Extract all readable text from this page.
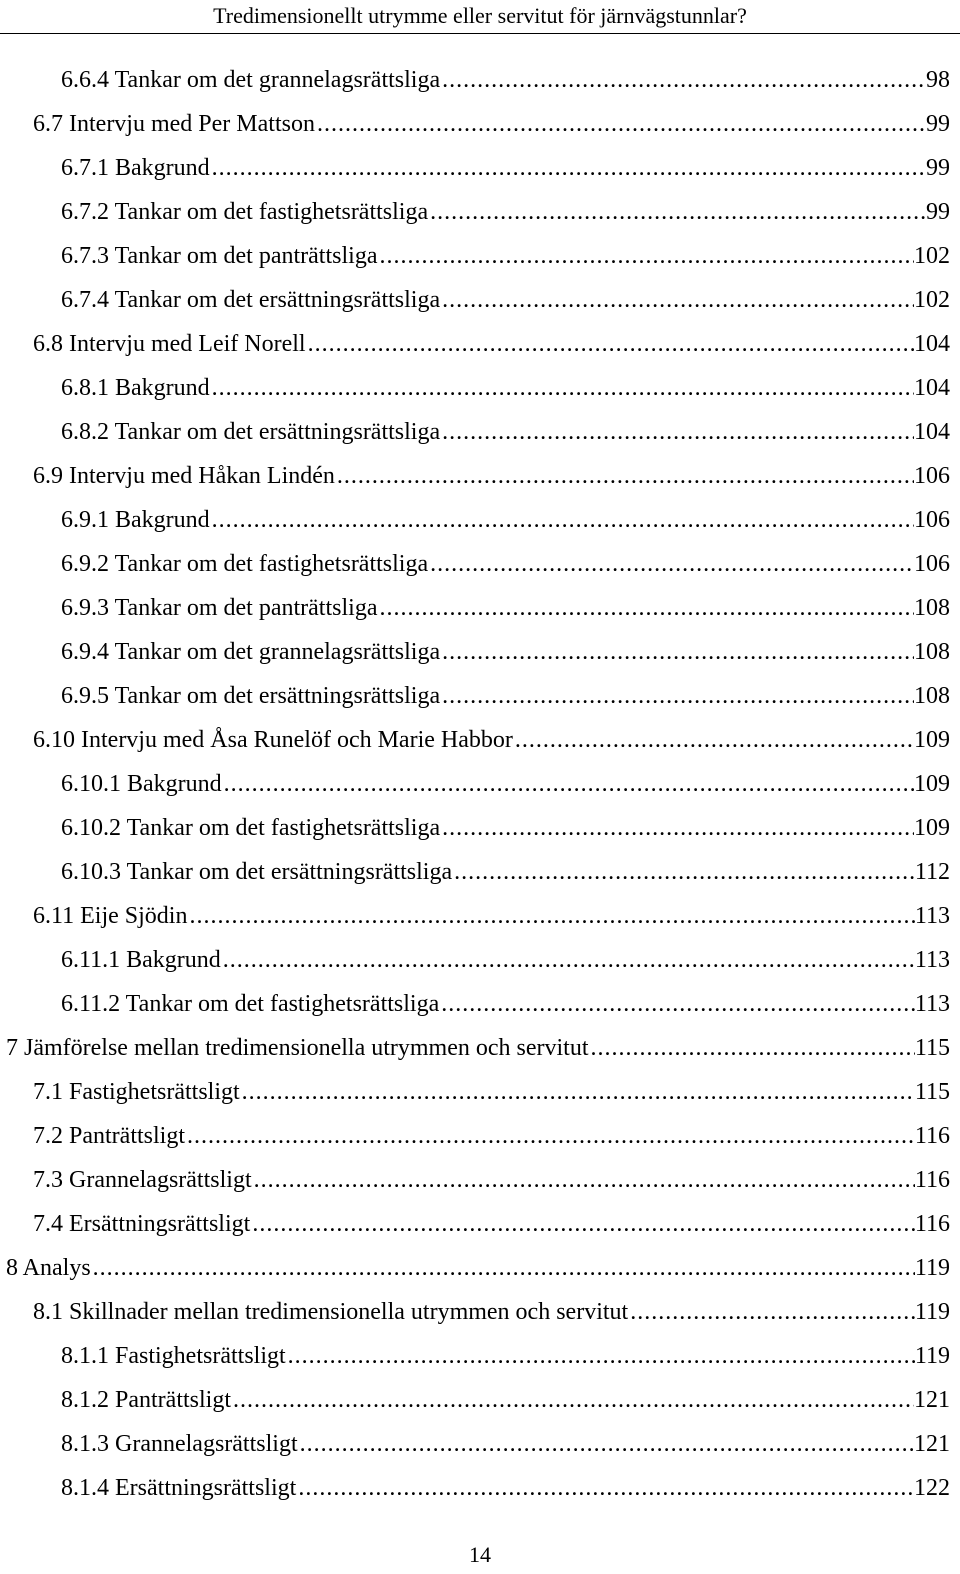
Tredimensionellt utrymme eller servitut för järnvägstunnlar?
6.6.4 Tankar om det grannelagsrättsliga .....	98
6.7 Intervju med Per Mattson .....	99
6.7.1 Bakgrund .....	99
6.7.2 Tankar om det fastighetsrättsliga .....	99
6.7.3 Tankar om det panträttsliga .....	102
6.7.4 Tankar om det ersättningsrättsliga .....	102
6.8 Intervju med Leif Norell .....	104
6.8.1 Bakgrund .....	104
6.8.2 Tankar om det ersättningsrättsliga .....	104
6.9 Intervju med Håkan Lindén .....	106
6.9.1 Bakgrund .....	106
6.9.2 Tankar om det fastighetsrättsliga .....	106
6.9.3 Tankar om det panträttsliga .....	108
6.9.4 Tankar om det grannelagsrättsliga .....	108
6.9.5 Tankar om det ersättningsrättsliga .....	108
6.10 Intervju med Åsa Runelöf och Marie Habbor .....	109
6.10.1 Bakgrund .....	109
6.10.2 Tankar om det fastighetsrättsliga .....	109
6.10.3 Tankar om det ersättningsrättsliga .....	112
6.11 Eije Sjödin .....	113
6.11.1 Bakgrund .....	113
6.11.2 Tankar om det fastighetsrättsliga .....	113
7 Jämförelse mellan tredimensionella utrymmen och servitut .....	115
7.1 Fastighetsrättsligt .....	115
7.2 Panträttsligt .....	116
7.3 Grannelagsrättsligt .....	116
7.4 Ersättningsrättsligt .....	116
8 Analys .....	119
8.1 Skillnader mellan tredimensionella utrymmen och servitut .....	119
8.1.1 Fastighetsrättsligt .....	119
8.1.2 Panträttsligt .....	121
8.1.3 Grannelagsrättsligt .....	121
8.1.4 Ersättningsrättsligt .....	122
14
